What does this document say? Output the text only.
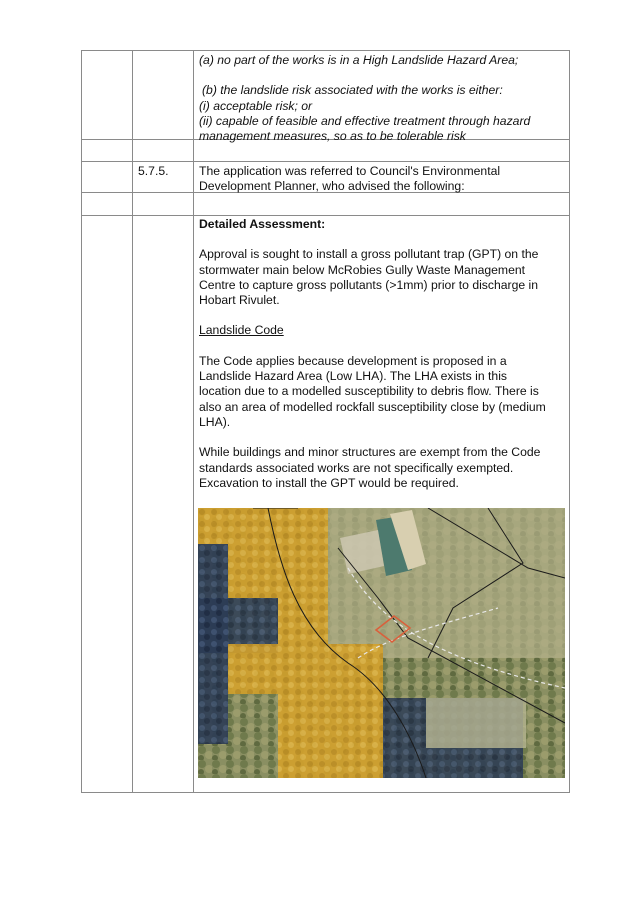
(a) no part of the works is in a High Landslide Hazard Area;

(b) the landslide risk associated with the works is either:

(i) acceptable risk; or

(ii) capable of feasible and effective treatment through hazard

management measures, so as to be tolerable risk

5.7.5.	The application was referred to Council's Environmental

Development Planner, who advised the following:

Detailed Assessment:

Approval is sought to install a gross pollutant trap (GPT) on the

stormwater main below McRobies Gully Waste Management

Centre to capture gross pollutants (>1mm) prior to discharge in

Hobart Rivulet.

Landslide Code

The Code applies because development is proposed in a

Landslide Hazard Area (Low LHA). The LHA exists in this

location due to a modelled susceptibility to debris flow. There is

also an area of modelled rockfall susceptibility close by (medium

LHA).

While buildings and minor structures are exempt from the Code

standards associated works are not specifically exempted.

Excavation to install the GPT would be required.
